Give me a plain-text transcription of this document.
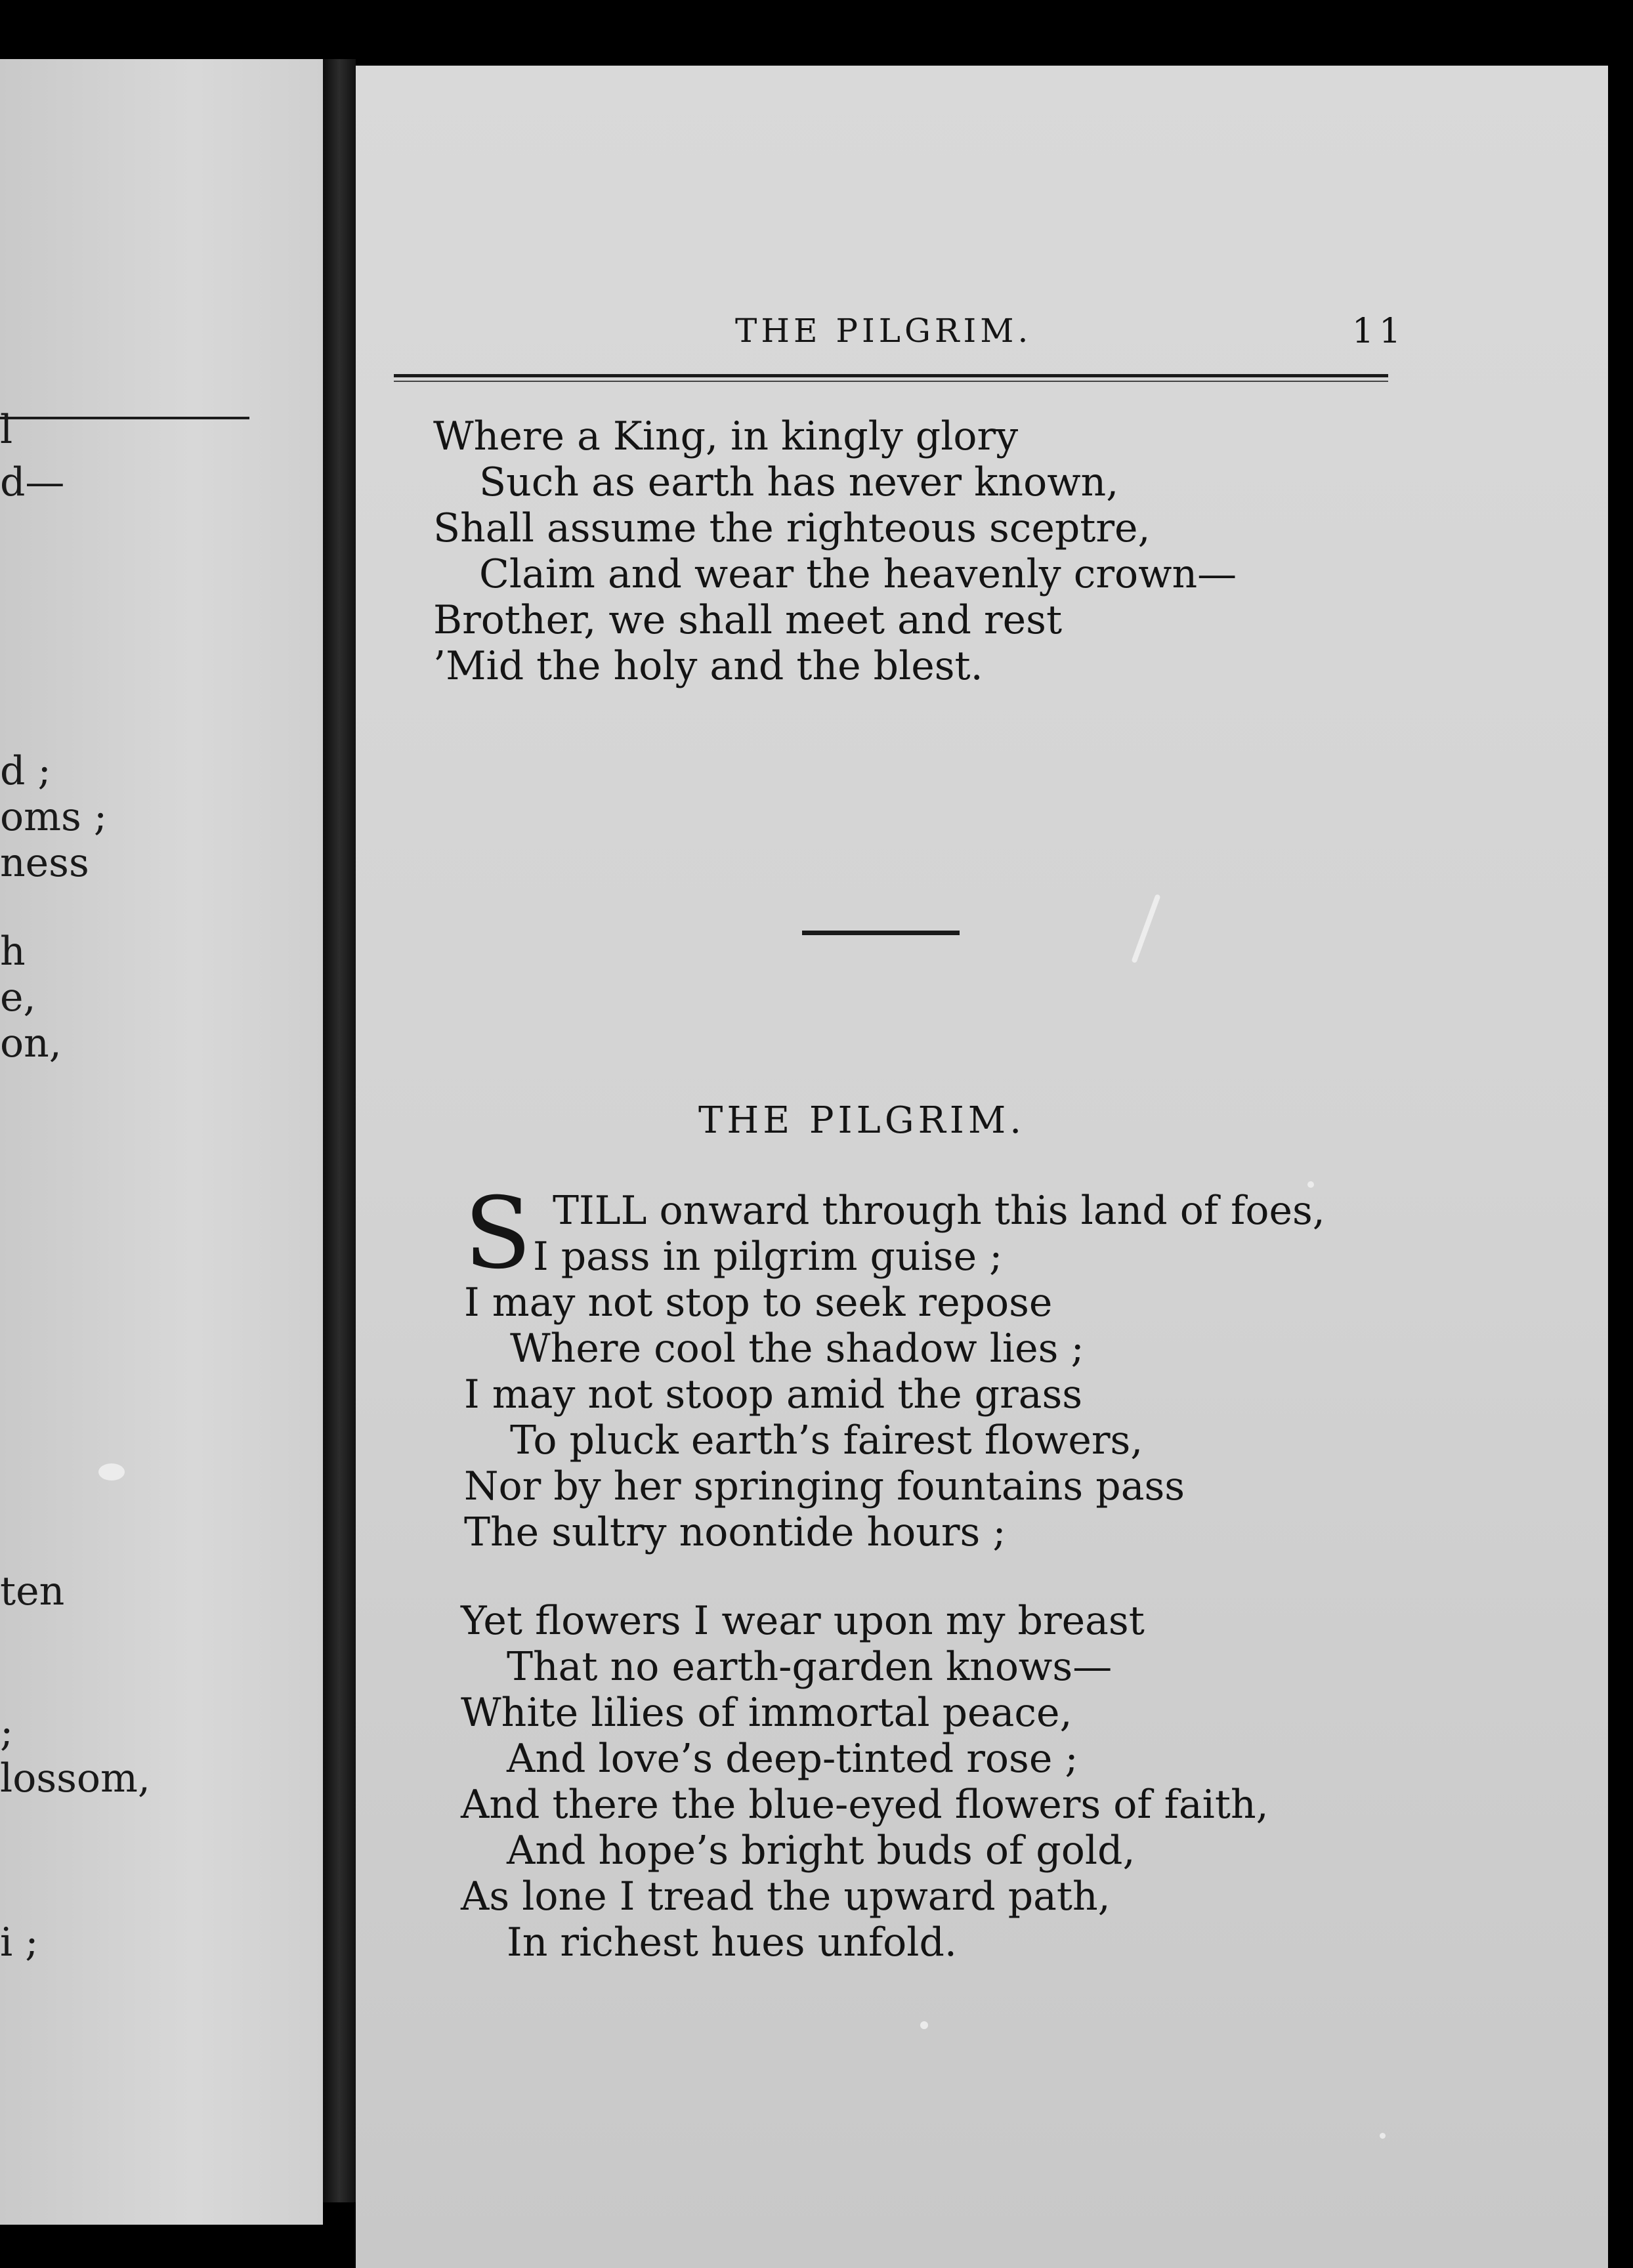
l
d—
d ;
oms ;
ness
h
e,
on,
ten
;
lossom,
i ;
THE PILGRIM.	11
Where a King, in kingly glory
Such as earth has never known,
Shall assume the righteous sceptre,
Claim and wear the heavenly crown—
Brother, we shall meet and rest
’Mid the holy and the blest.
THE PILGRIM.
S TILL onward through this land of foes,
I pass in pilgrim guise ;
I may not stop to seek repose
Where cool the shadow lies ;
I may not stoop amid the grass
To pluck earth’s fairest flowers,
Nor by her springing fountains pass
The sultry noontide hours ;
Yet flowers I wear upon my breast
That no earth-garden knows—
White lilies of immortal peace,
And love’s deep-tinted rose ;
And there the blue-eyed flowers of faith,
And hope’s bright buds of gold,
As lone I tread the upward path,
In richest hues unfold.
